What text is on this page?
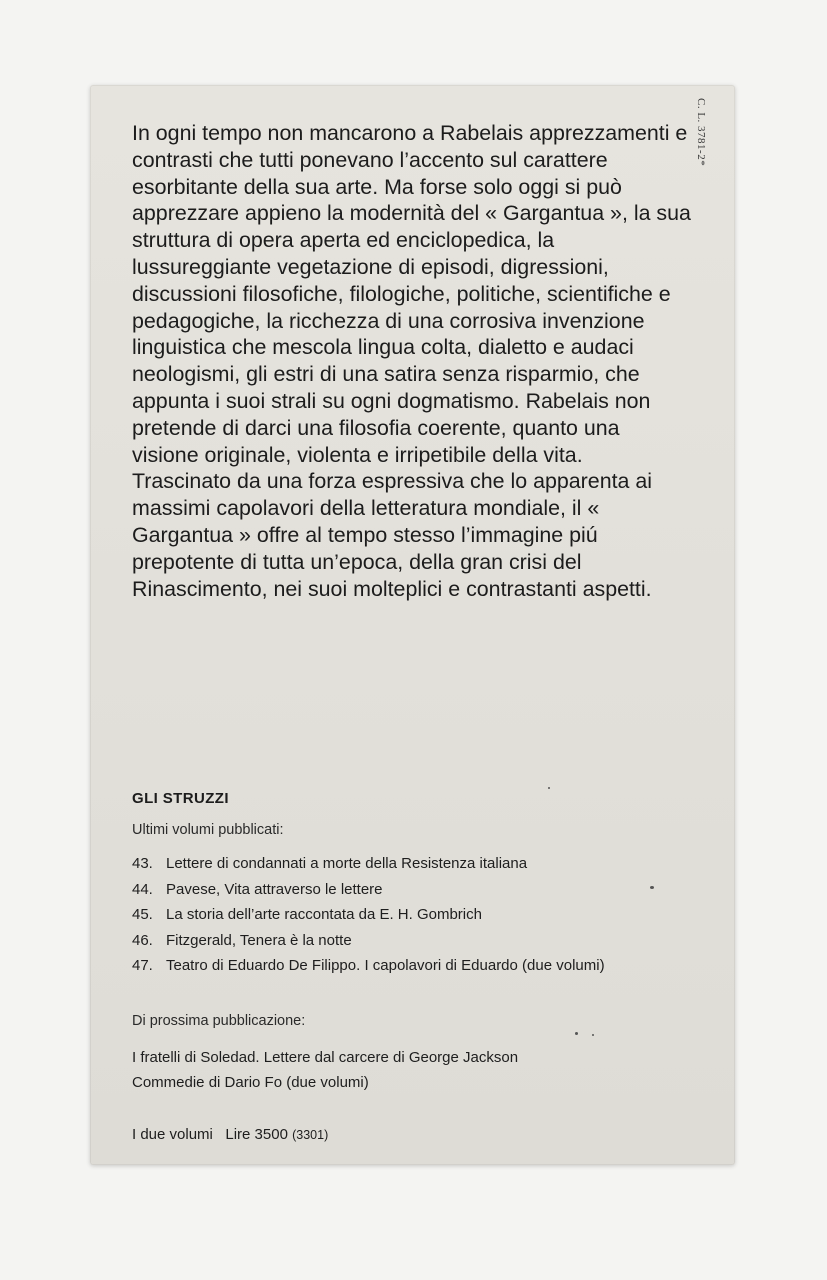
C. L. 3781-2*

In ogni tempo non mancarono a Rabelais apprezzamenti e contrasti che tutti ponevano l’accento sul carattere esorbitante della sua arte. Ma forse solo oggi si può apprezzare appieno la modernità del « Gargantua », la sua struttura di opera aperta ed enciclopedica, la lussureggiante vegetazione di episodi, digressioni, discussioni filosofiche, filologiche, politiche, scientifiche e pedagogiche, la ricchezza di una corrosiva invenzione linguistica che mescola lingua colta, dialetto e audaci neologismi, gli estri di una satira senza risparmio, che appunta i suoi strali su ogni dogmatismo. Rabelais non pretende di darci una filosofia coerente, quanto una visione originale, violenta e irripetibile della vita.

Trascinato da una forza espressiva che lo apparenta ai massimi capolavori della letteratura mondiale, il « Gargantua » offre al tempo stesso l’immagine piú prepotente di tutta un’epoca, della gran crisi del Rinascimento, nei suoi molteplici e contrastanti aspetti.

GLI STRUZZI
Ultimi volumi pubblicati:
43. Lettere di condannati a morte della Resistenza italiana
44. Pavese, Vita attraverso le lettere
45. La storia dell’arte raccontata da E. H. Gombrich
46. Fitzgerald, Tenera è la notte
47. Teatro di Eduardo De Filippo. I capolavori di Eduardo (due volumi)
Di prossima pubblicazione:
I fratelli di Soledad. Lettere dal carcere di George Jackson
Commedie di Dario Fo (due volumi)
I due volumi   Lire 3500 (3301)
